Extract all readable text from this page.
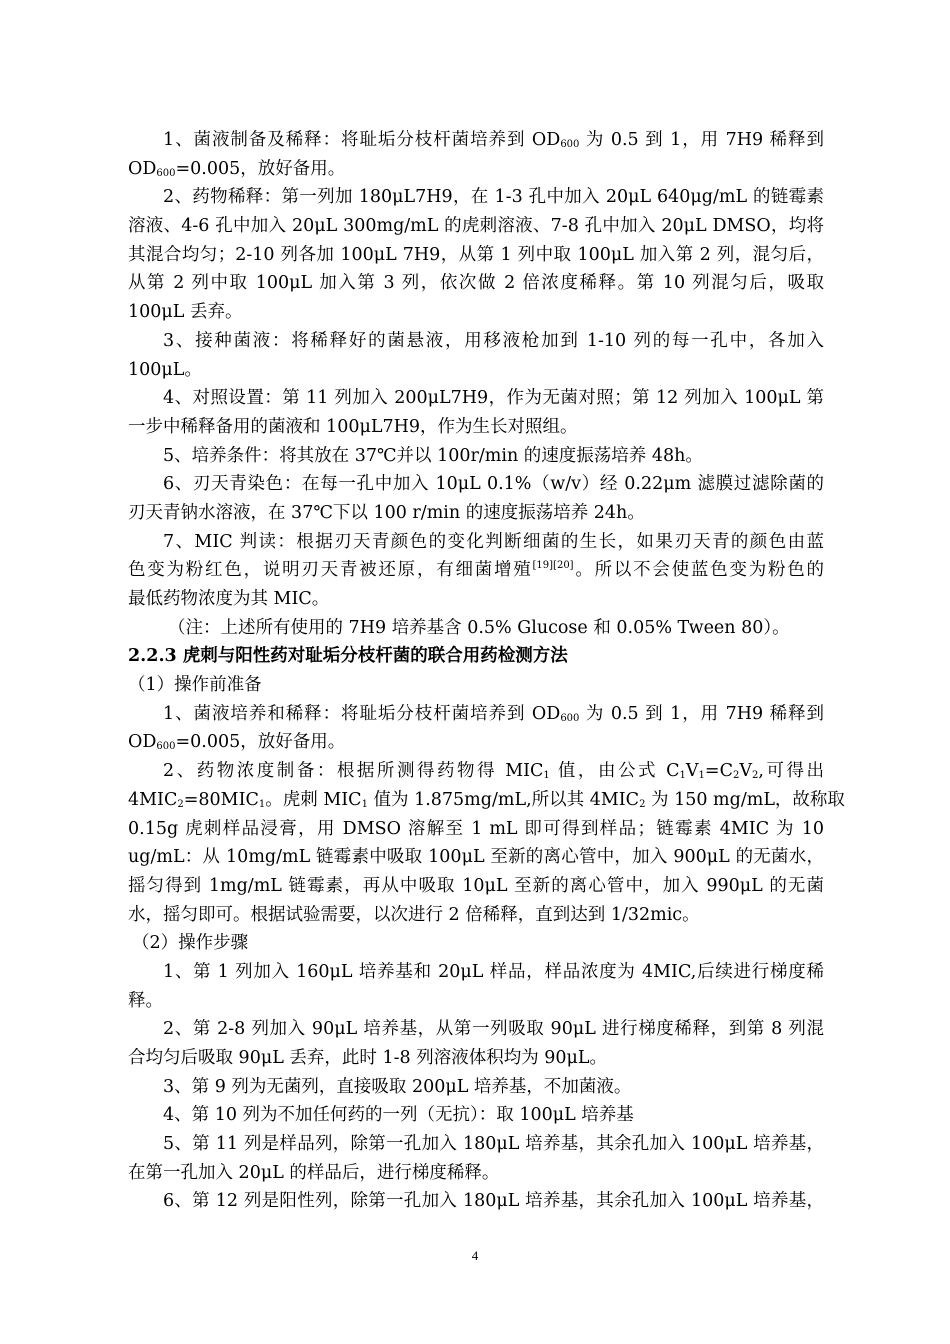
1、菌液制备及稀释：将耻垢分枝杆菌培养到 $OD_{600}$ 为 0.5 到 1，用 7H9 稀释到
$OD_{600}=0.005$，放好备用。
2、药物稀释：第一列加 180μL7H9，在 1-3 孔中加入 20μL 640μg/mL 的链霉素
溶液、4-6 孔中加入 20μL 300mg/mL 的虎刺溶液、7-8 孔中加入 20μL DMSO，均将
其混合均匀；2-10 列各加 100μL 7H9，从第 1 列中取 100μL 加入第 2 列，混匀后，
从第 2 列中取 100μL 加入第 3 列，依次做 2 倍浓度稀释。第 10 列混匀后，吸取
100μL 丢弃。
3、接种菌液：将稀释好的菌悬液，用移液枪加到 1-10 列的每一孔中，各加入
100μL。
4、对照设置：第 11 列加入 200μL7H9，作为无菌对照；第 12 列加入 100μL 第
一步中稀释备用的菌液和 100μL7H9，作为生长对照组。
5、培养条件：将其放在 37℃并以 100r/min 的速度振荡培养 48h。
6、刃天青染色：在每一孔中加入 10μL 0.1%（w/v）经 0.22μm 滤膜过滤除菌的
刃天青钠水溶液，在 37℃下以 100 r/min 的速度振荡培养 24h。
7、MIC 判读：根据刃天青颜色的变化判断细菌的生长，如果刃天青的颜色由蓝
色变为粉红色，说明刃天青被还原，有细菌增殖[19][20]。所以不会使蓝色变为粉色的
最低药物浓度为其 MIC。
（注：上述所有使用的 7H9 培养基含 0.5% Glucose 和 0.05% Tween 80）。
2.2.3 虎刺与阳性药对耻垢分枝杆菌的联合用药检测方法
（1）操作前准备
1、菌液培养和稀释：将耻垢分枝杆菌培养到 $OD_{600}$ 为 0.5 到 1，用 7H9 稀释到
$OD_{600}=0.005$，放好备用。
2、药物浓度制备：根据所测得药物得 $MIC_1$ 值，由公式 $C_1V_1=C_2V_2$,可得出
$4MIC_2=80MIC_1$。虎刺 $MIC_1$ 值为 1.875mg/mL,所以其 $4MIC_2$ 为 150 mg/mL，故称取
0.15g 虎刺样品浸膏，用 DMSO 溶解至 1 mL 即可得到样品；链霉素 4MIC 为 10
ug/mL：从 10mg/mL 链霉素中吸取 100μL 至新的离心管中，加入 900μL 的无菌水，
摇匀得到 1mg/mL 链霉素，再从中吸取 10μL 至新的离心管中，加入 990μL 的无菌
水，摇匀即可。根据试验需要，以次进行 2 倍稀释，直到达到 1/32mic。
（2）操作步骤
1、第 1 列加入 160μL 培养基和 20μL 样品，样品浓度为 4MIC,后续进行梯度稀
释。
2、第 2-8 列加入 90μL 培养基，从第一列吸取 90μL 进行梯度稀释，到第 8 列混
合均匀后吸取 90μL 丢弃，此时 1-8 列溶液体积均为 90μL。
3、第 9 列为无菌列，直接吸取 200μL 培养基，不加菌液。
4、第 10 列为不加任何药的一列（无抗）：取 100μL 培养基
5、第 11 列是样品列，除第一孔加入 180μL 培养基，其余孔加入 100μL 培养基，
在第一孔加入 20μL 的样品后，进行梯度稀释。
6、第 12 列是阳性列，除第一孔加入 180μL 培养基，其余孔加入 100μL 培养基，
4
